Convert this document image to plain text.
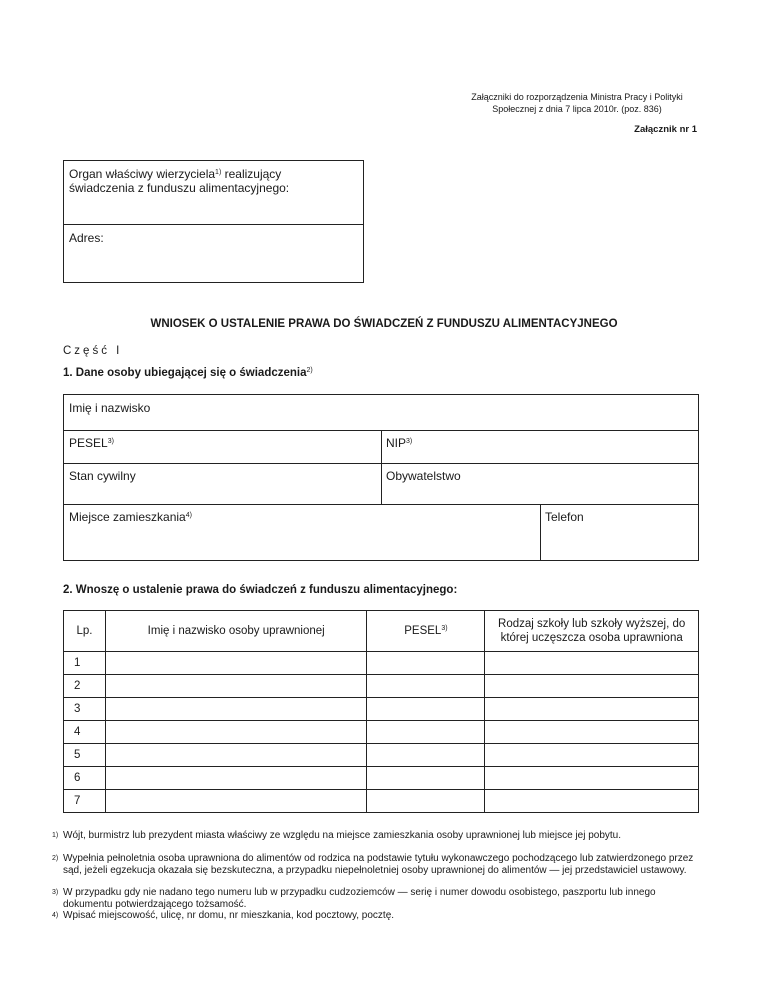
Załączniki do rozporządzenia Ministra Pracy i Polityki
Społecznej z dnia 7 lipca 2010r. (poz. 836)
Załącznik nr 1
Organ właściwy wierzyciela$^{1)}$ realizujący
świadczenia z funduszu alimentacyjnego:
Adres:
WNIOSEK O USTALENIE PRAWA DO ŚWIADCZEŃ Z FUNDUSZU ALIMENTACYJNEGO
Część I
1. Dane osoby ubiegającej się o świadczenia$^{2)}$
Imię i nazwisko
PESEL$^{3)}$	NIP$^{3)}$
Stan cywilny	Obywatelstwo
Miejsce zamieszkania$^{4)}$	Telefon
2. Wnoszę o ustalenie prawa do świadczeń z funduszu alimentacyjnego:
Lp.	Imię i nazwisko osoby uprawnionej	PESEL$^{3)}$	Rodzaj szkoły lub szkoły wyższej, do
której uczęszcza osoba uprawniona
1			
2			
3			
4			
5			
6			
7			
1) Wójt, burmistrz lub prezydent miasta właściwy ze względu na miejsce zamieszkania osoby uprawnionej lub miejsce jej pobytu.
2) Wypełnia pełnoletnia osoba uprawniona do alimentów od rodzica na podstawie tytułu wykonawczego pochodzącego lub zatwierdzonego przez sąd, jeżeli egzekucja okazała się bezskuteczna, a przypadku niepełnoletniej osoby uprawnionej do alimentów — jej przedstawiciel ustawowy.
3) W przypadku gdy nie nadano tego numeru lub w przypadku cudzoziemców — serię i numer dowodu osobistego, paszportu lub innego dokumentu potwierdzającego tożsamość.
4) Wpisać miejscowość, ulicę, nr domu, nr mieszkania, kod pocztowy, pocztę.
